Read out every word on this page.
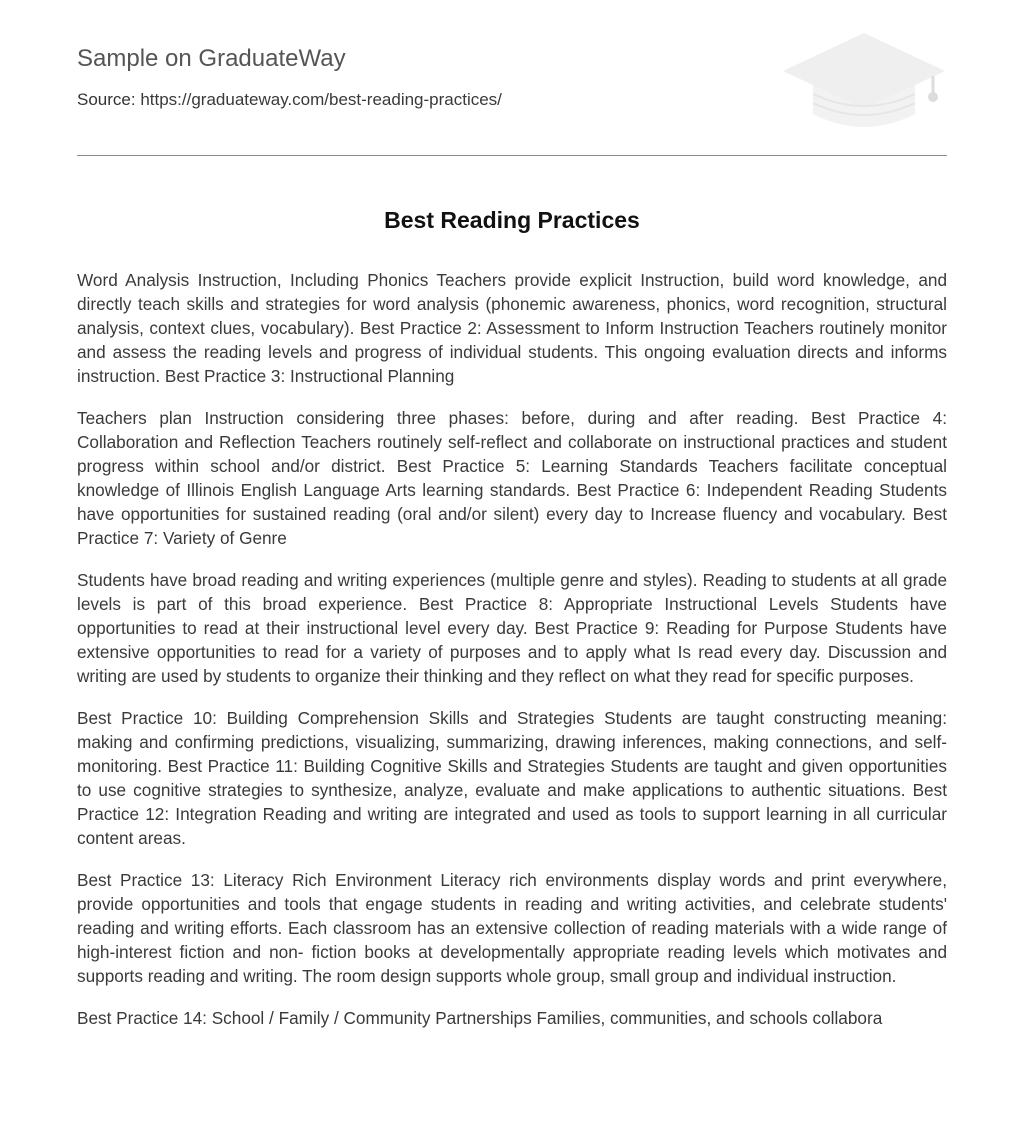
Sample on GraduateWay
Source: https://graduateway.com/best-reading-practices/
Best Reading Practices

Word Analysis Instruction, Including Phonics Teachers provide explicit Instruction, build word knowledge, and directly teach skills and strategies for word analysis (phonemic awareness, phonics, word recognition, structural analysis, context clues, vocabulary). Best Practice 2: Assessment to Inform Instruction Teachers routinely monitor and assess the reading levels and progress of individual students. This ongoing evaluation directs and informs instruction. Best Practice 3: Instructional Planning

Teachers plan Instruction considering three phases: before, during and after reading. Best Practice 4: Collaboration and Reflection Teachers routinely self-reflect and collaborate on instructional practices and student progress within school and/or district. Best Practice 5: Learning Standards Teachers facilitate conceptual knowledge of Illinois English Language Arts learning standards. Best Practice 6: Independent Reading Students have opportunities for sustained reading (oral and/or silent) every day to Increase fluency and vocabulary. Best Practice 7: Variety of Genre

Students have broad reading and writing experiences (multiple genre and styles). Reading to students at all grade levels is part of this broad experience. Best Practice 8: Appropriate Instructional Levels Students have opportunities to read at their instructional level every day. Best Practice 9: Reading for Purpose Students have extensive opportunities to read for a variety of purposes and to apply what Is read every day. Discussion and writing are used by students to organize their thinking and they reflect on what they read for specific purposes.

Best Practice 10: Building Comprehension Skills and Strategies Students are taught constructing meaning: making and confirming predictions, visualizing, summarizing, drawing inferences, making connections, and self-monitoring. Best Practice 11: Building Cognitive Skills and Strategies Students are taught and given opportunities to use cognitive strategies to synthesize, analyze, evaluate and make applications to authentic situations. Best Practice 12: Integration Reading and writing are integrated and used as tools to support learning in all curricular content areas.

Best Practice 13: Literacy Rich Environment Literacy rich environments display words and print everywhere, provide opportunities and tools that engage students in reading and writing activities, and celebrate students' reading and writing efforts. Each classroom has an extensive collection of reading materials with a wide range of high-interest fiction and non- fiction books at developmentally appropriate reading levels which motivates and supports reading and writing. The room design supports whole group, small group and individual instruction.

Best Practice 14: School / Family / Community Partnerships Families, communities, and schools collabora
